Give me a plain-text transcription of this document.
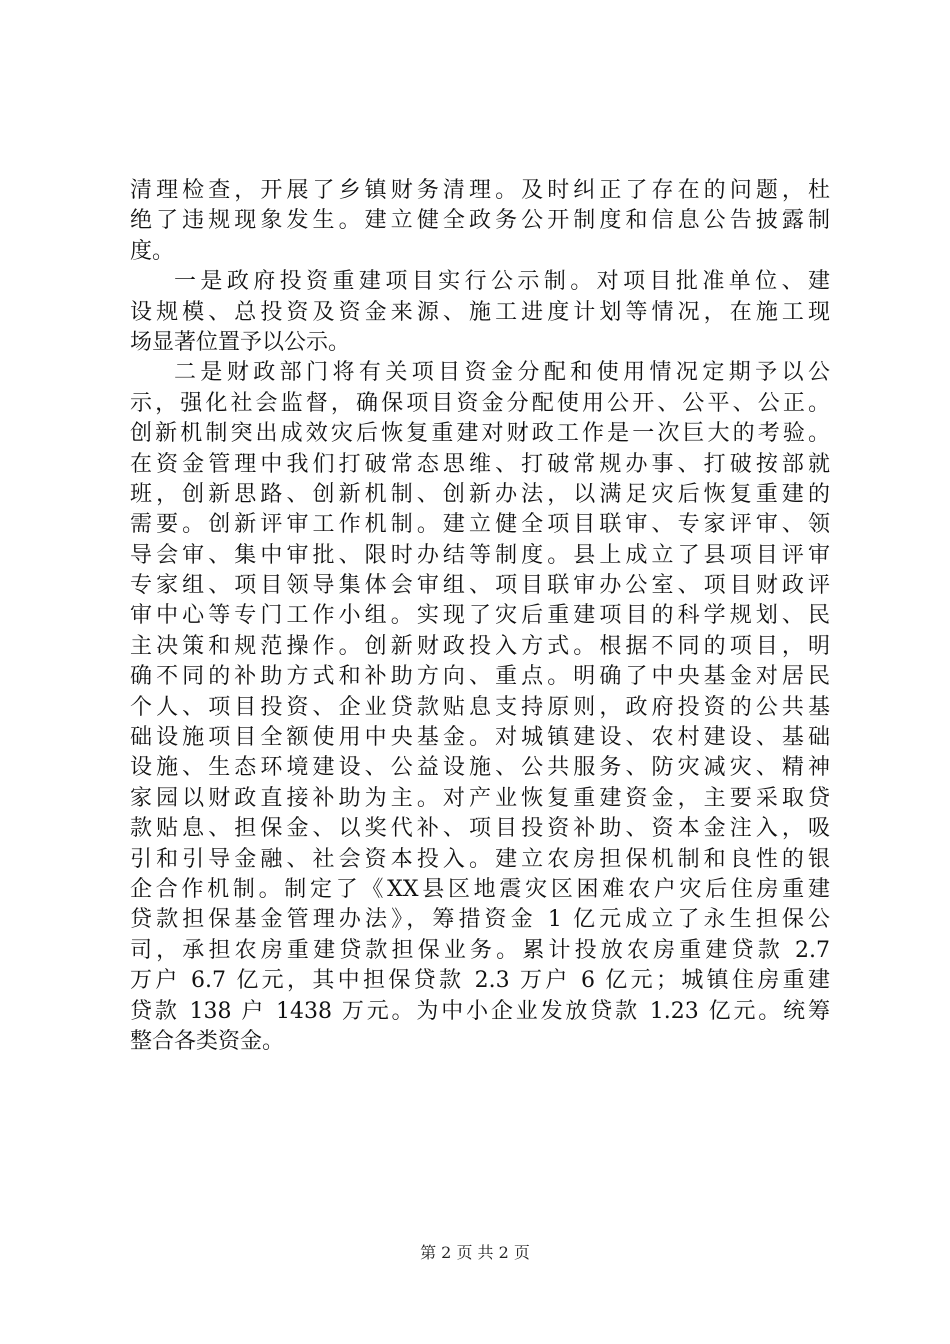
清理检查，开展了乡镇财务清理。及时纠正了存在的问题，杜
绝了违规现象发生。建立健全政务公开制度和信息公告披露制
度。
一是政府投资重建项目实行公示制。对项目批准单位、建
设规模、总投资及资金来源、施工进度计划等情况，在施工现
场显著位置予以公示。
二是财政部门将有关项目资金分配和使用情况定期予以公
示，强化社会监督，确保项目资金分配使用公开、公平、公正。
创新机制突出成效灾后恢复重建对财政工作是一次巨大的考验。
在资金管理中我们打破常态思维、打破常规办事、打破按部就
班，创新思路、创新机制、创新办法，以满足灾后恢复重建的
需要。创新评审工作机制。建立健全项目联审、专家评审、领
导会审、集中审批、限时办结等制度。县上成立了县项目评审
专家组、项目领导集体会审组、项目联审办公室、项目财政评
审中心等专门工作小组。实现了灾后重建项目的科学规划、民
主决策和规范操作。创新财政投入方式。根据不同的项目，明
确不同的补助方式和补助方向、重点。明确了中央基金对居民
个人、项目投资、企业贷款贴息支持原则，政府投资的公共基
础设施项目全额使用中央基金。对城镇建设、农村建设、基础
设施、生态环境建设、公益设施、公共服务、防灾减灾、精神
家园以财政直接补助为主。对产业恢复重建资金，主要采取贷
款贴息、担保金、以奖代补、项目投资补助、资本金注入，吸
引和引导金融、社会资本投入。建立农房担保机制和良性的银
企合作机制。制定了《XX县区地震灾区困难农户灾后住房重建
贷款担保基金管理办法》，筹措资金 1 亿元成立了永生担保公
司，承担农房重建贷款担保业务。累计投放农房重建贷款 2.7
万户 6.7 亿元，其中担保贷款 2.3 万户 6 亿元；城镇住房重建
贷款 138 户 1438 万元。为中小企业发放贷款 1.23 亿元。统筹
整合各类资金。
第 2 页 共 2 页
